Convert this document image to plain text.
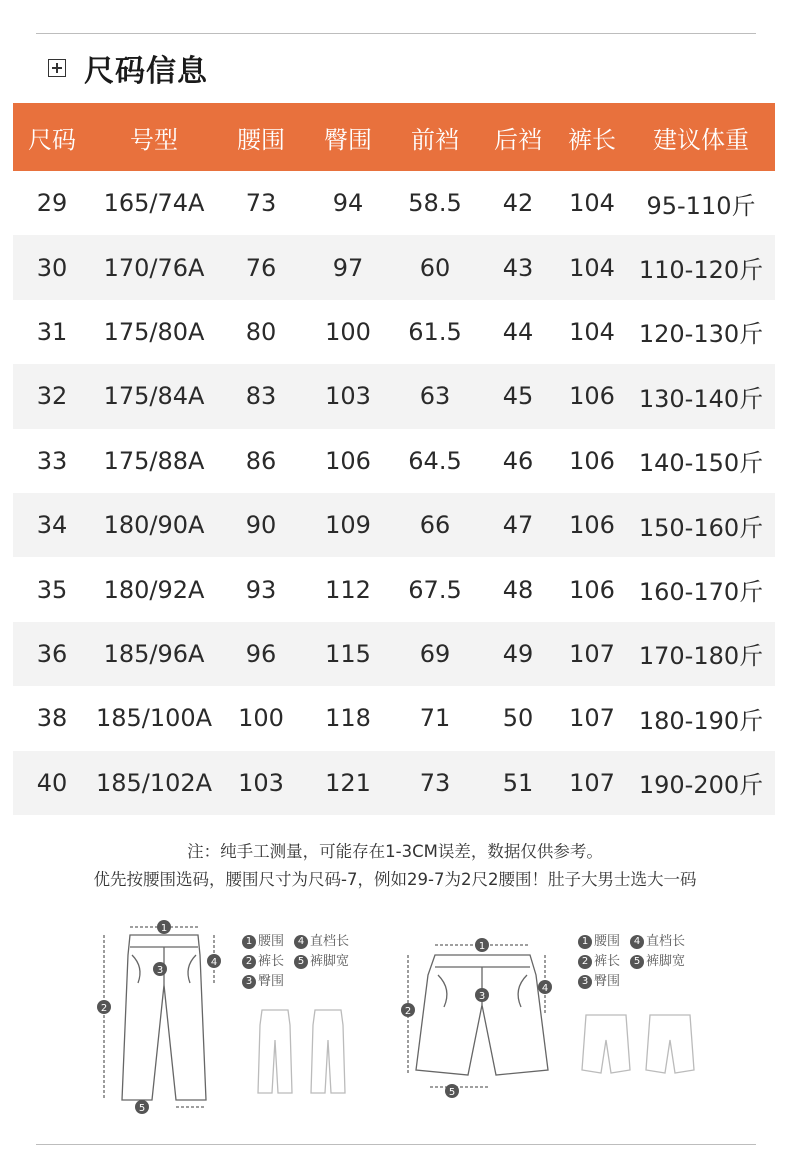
尺码信息
尺码	号型	腰围	臀围	前裆	后裆	裤长	建议体重
29	165/74A	73	94	58.5	42	104	95-110斤
30	170/76A	76	97	60	43	104 110-120斤
31	175/80A	80	100	61.5	44	104 120-130斤
32	175/84A	83	103	63	45	106 130-140斤
33	175/88A	86	106	64.5	46	106 140-150斤
34	180/90A	90	109	66	47	106 150-160斤
35	180/92A	93	112	67.5	48	106 160-170斤
36	185/96A	96	115	69	49	107 170-180斤
38	185/100A	100	118	71	50	107 180-190斤
40	185/102A	103	121	73	51	107 190-200斤
注：纯手工测量，可能存在1-3CM误差，数据仅供参考。
优先按腰围选码，腰围尺寸为尺码-7，例如29-7为2尺2腰围！肚子大男士选大一码
1
3
2
4
5
1
3
2
4
5
1 腰围	4 直档长
2 裤长	5 裤脚宽
3 臀围
1 腰围	4 直档长
2 裤长	5 裤脚宽
3 臀围
